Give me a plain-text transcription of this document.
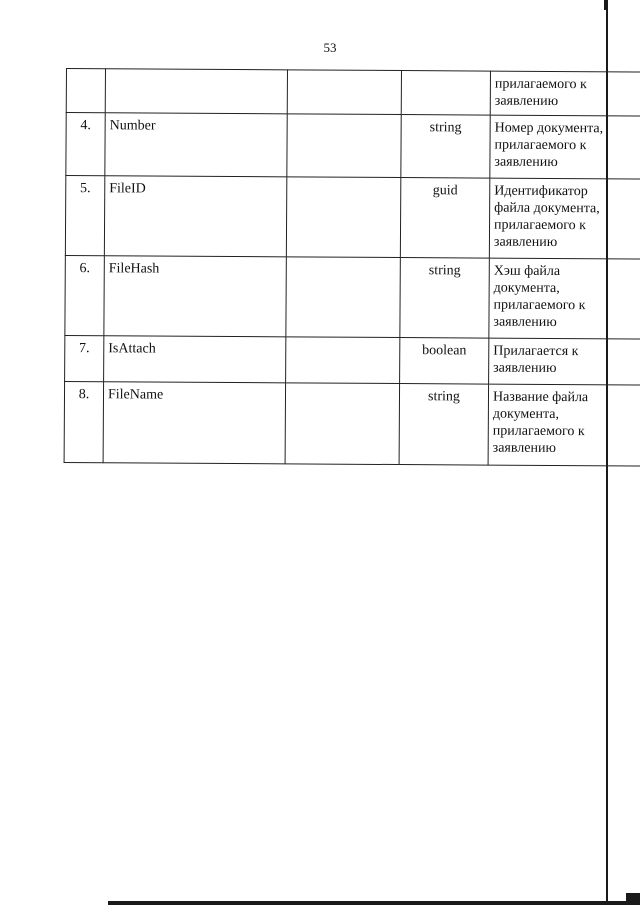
53

				прилагаемого к
заявлению

4.	Number		string	Номер документа,
прилагаемого к
заявлению

5.	FileID		guid	Идентификатор
файла документа,
прилагаемого к
заявлению

6.	FileHash		string	Хэш файла
документа,
прилагаемого к
заявлению

7.	IsAttach		boolean	Прилагается к
заявлению

8.	FileName		string	Название файла
документа,
прилагаемого к
заявлению
